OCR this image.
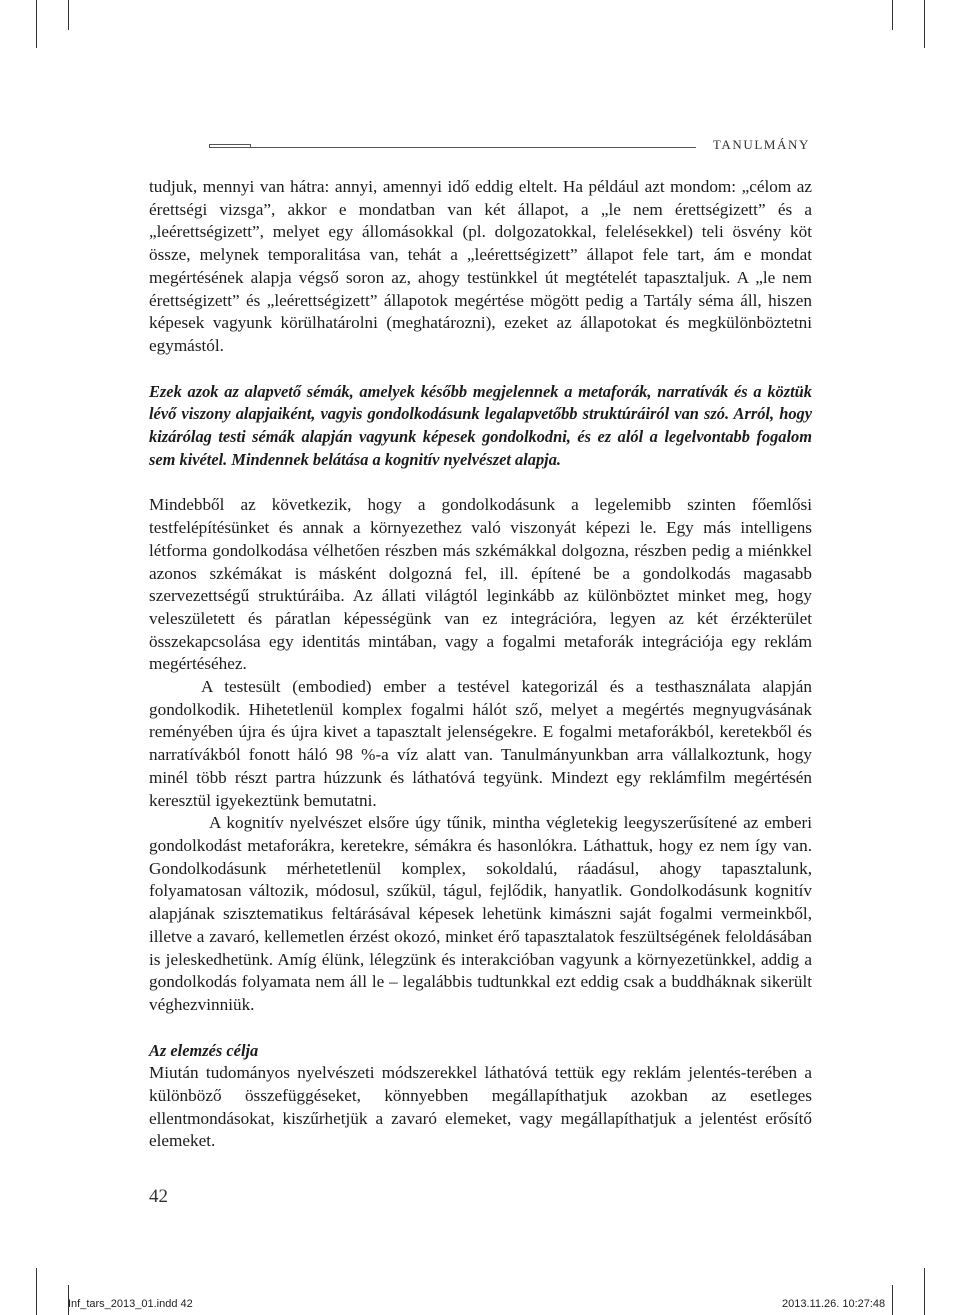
TANULMÁNY

tudjuk, mennyi van hátra: annyi, amennyi idő eddig eltelt. Ha például azt mondom: „célom az érettségi vizsga”, akkor e mondatban van két állapot, a „le nem érettségizett” és a „leérettségizett”, melyet egy állomásokkal (pl. dolgozatokkal, felelésekkel) teli ösvény köt össze, melynek temporalitása van, tehát a „leérettségizett” állapot fele tart, ám e mondat megértésének alapja végső soron az, ahogy testünkkel út megtételét tapasztaljuk. A „le nem érettségizett” és „leérettségizett” állapotok megértése mögött pedig a Tartály séma áll, hiszen képesek vagyunk körülhatárolni (meghatározni), ezeket az állapotokat és megkülönböztetni egymástól.

Ezek azok az alapvető sémák, amelyek később megjelennek a metaforák, narratívák és a köztük lévő viszony alapjaiként, vagyis gondolkodásunk legalapvetőbb struktúráiról van szó. Arról, hogy kizárólag testi sémák alapján vagyunk képesek gondolkodni, és ez alól a legelvontabb fogalom sem kivétel. Mindennek belátása a kognitív nyelvészet alapja.

Mindebből az következik, hogy a gondolkodásunk a legelemibb szinten főemlősi testfelépítésünket és annak a környezethez való viszonyát képezi le. Egy más intelligens létforma gondolkodása vélhetően részben más szkémákkal dolgozna, részben pedig a miénkkel azonos szkémákat is másként dolgozná fel, ill. építené be a gondolkodás magasabb szervezettségű struktúráiba. Az állati világtól leginkább az különböztet minket meg, hogy veleszületett és páratlan képességünk van ez integrációra, legyen az két érzékterület összekapcsolása egy identitás mintában, vagy a fogalmi metaforák integrációja egy reklám megértéséhez.

A testesült (embodied) ember a testével kategorizál és a testhasználata alapján gondolkodik. Hihetetlenül komplex fogalmi hálót sző, melyet a megértés megnyugvásának reményében újra és újra kivet a tapasztalt jelenségekre. E fogalmi metaforákból, keretekből és narratívákból fonott háló 98 %-a víz alatt van. Tanulmányunkban arra vállalkoztunk, hogy minél több részt partra húzzunk és láthatóvá tegyünk. Mindezt egy reklámfilm megértésén keresztül igyekeztünk bemutatni.

A kognitív nyelvészet elsőre úgy tűnik, mintha végletekig leegyszerűsítené az emberi gondolkodást metaforákra, keretekre, sémákra és hasonlókra. Láthattuk, hogy ez nem így van. Gondolkodásunk mérhetetlenül komplex, sokoldalú, ráadásul, ahogy tapasztalunk, folyamatosan változik, módosul, szűkül, tágul, fejlődik, hanyatlik. Gondolkodásunk kognitív alapjának szisztematikus feltárásával képesek lehetünk kimászni saját fogalmi vermeinkből, illetve a zavaró, kellemetlen érzést okozó, minket érő tapasztalatok feszültségének feloldásában is jeleskedhetünk. Amíg élünk, lélegzünk és interakcióban vagyunk a környezetünkkel, addig a gondolkodás folyamata nem áll le – legalábbis tudtunkkal ezt eddig csak a buddháknak sikerült véghezvinniük.

Az elemzés célja

Miután tudományos nyelvészeti módszerekkel láthatóvá tettük egy reklám jelentés-terében a különböző összefüggéseket, könnyebben megállapíthatjuk azokban az esetleges ellentmondásokat, kiszűrhetjük a zavaró elemeket, vagy megállapíthatjuk a jelentést erősítő elemeket.

42
Inf_tars_2013_01.indd 42	2013.11.26. 10:27:48
